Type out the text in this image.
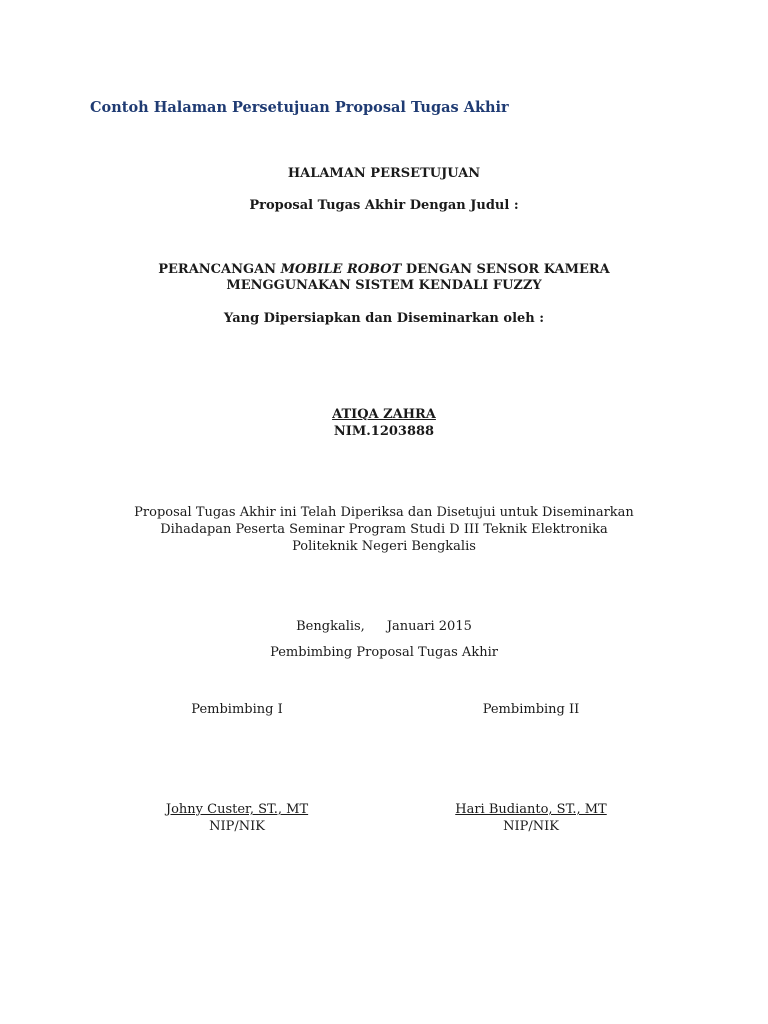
Contoh Halaman Persetujuan Proposal Tugas Akhir
HALAMAN PERSETUJUAN
Proposal Tugas Akhir Dengan Judul :
PERANCANGAN MOBILE ROBOT DENGAN SENSOR KAMERA
MENGGUNAKAN SISTEM KENDALI FUZZY
Yang Dipersiapkan dan Diseminarkan oleh :
ATIQA ZAHRA
NIM.1203888
Proposal Tugas Akhir ini Telah Diperiksa dan Disetujui untuk Diseminarkan
Dihadapan Peserta Seminar Program Studi D III Teknik Elektronika
Politeknik Negeri Bengkalis
Bengkalis, Januari 2015
Pembimbing Proposal Tugas Akhir
Pembimbing I	Pembimbing II
Johny Custer, ST., MT	Hari Budianto, ST., MT
NIP/NIK	NIP/NIK
